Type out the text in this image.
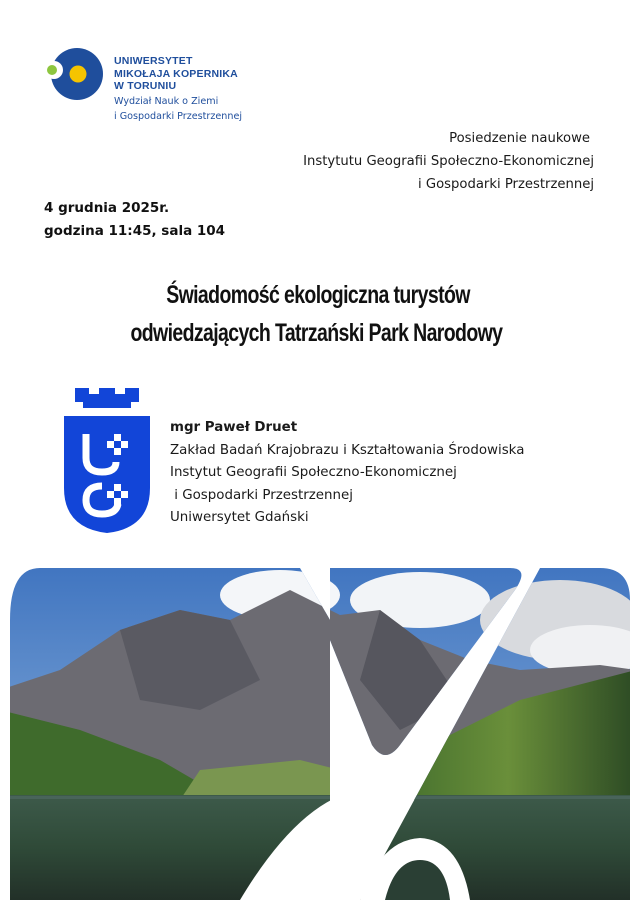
UNIWERSYTET
MIKOŁAJA KOPERNIKA
W TORUNIU
Wydział Nauk o Ziemi
i Gospodarki Przestrzennej
Posiedzenie naukowe
Instytutu Geografii Społeczno-Ekonomicznej
i Gospodarki Przestrzennej
4 grudnia 2025r.
godzina 11:45, sala 104
Świadomość ekologiczna turystów
odwiedzających Tatrzański Park Narodowy
mgr Paweł Druet
Zakład Badań Krajobrazu i Kształtowania Środowiska
Instytut Geografii Społeczno-Ekonomicznej
i Gospodarki Przestrzennej
Uniwersytet Gdański
